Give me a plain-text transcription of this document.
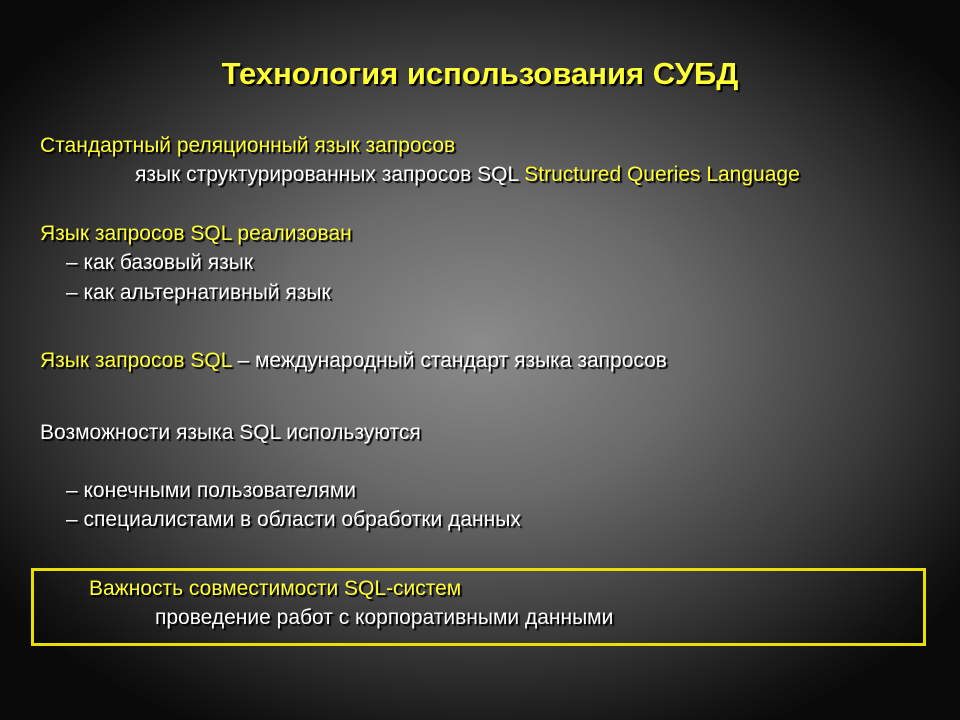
Технология использования СУБД
Стандартный реляционный язык запросов
язык структурированных запросов SQL Structured Queries Language
Язык запросов SQL реализован
– как базовый язык
– как альтернативный язык
Язык запросов SQL – международный стандарт языка запросов
Возможности языка SQL используются
– конечными пользователями
– специалистами в области обработки данных
Важность совместимости SQL-систем
проведение работ с корпоративными данными
